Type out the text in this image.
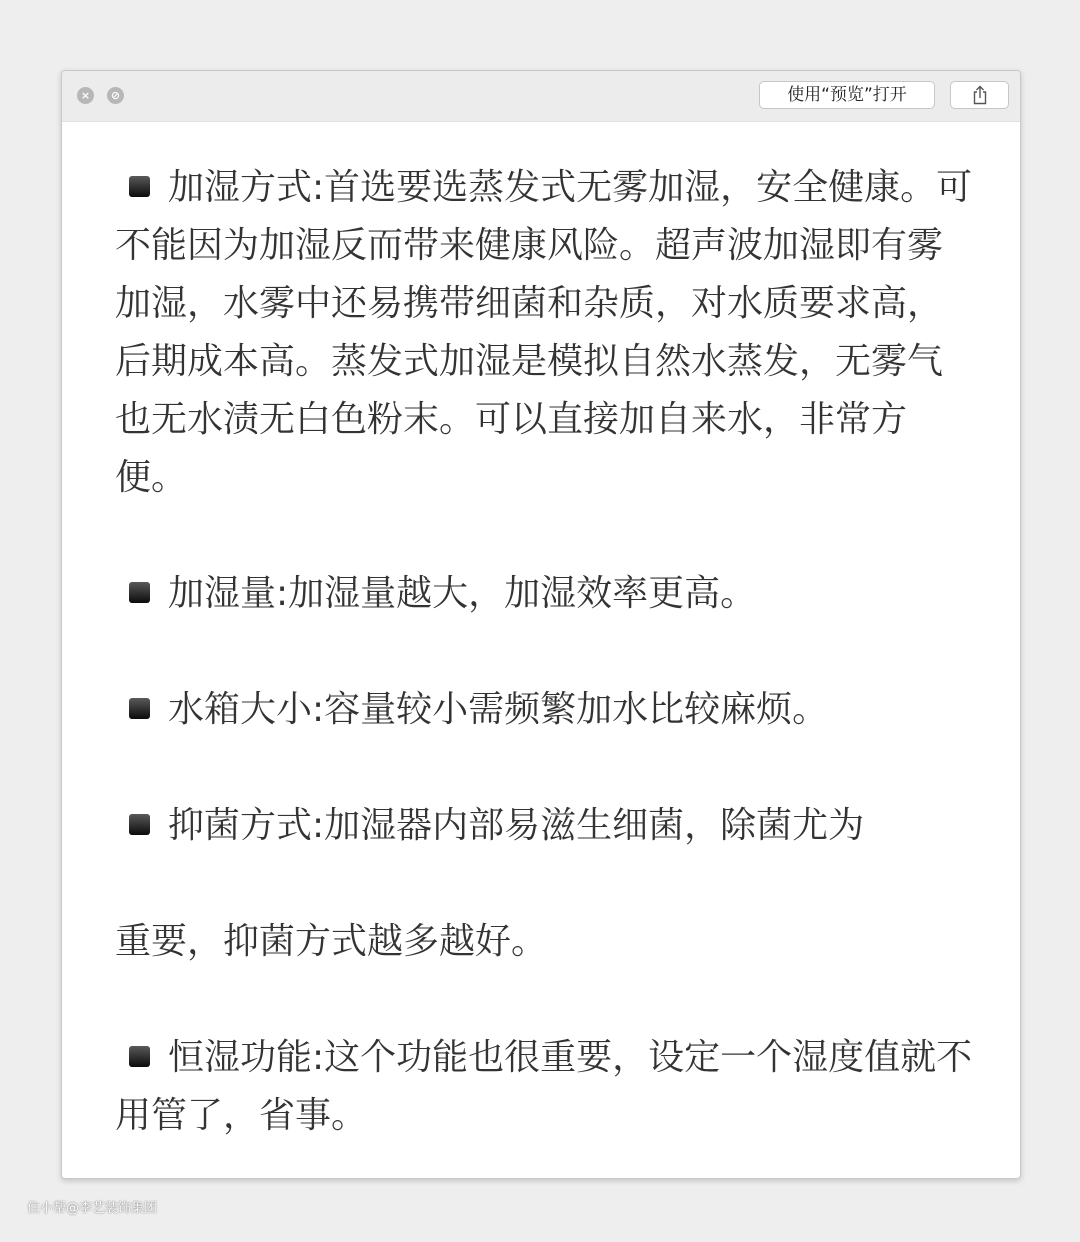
×	⊘	使用“预览”打开

加湿方式:首选要选蒸发式无雾加湿，安全健康。可不能因为加湿反而带来健康风险。超声波加湿即有雾加湿，水雾中还易携带细菌和杂质，对水质要求高，后期成本高。蒸发式加湿是模拟自然水蒸发，无雾气也无水渍无白色粉末。可以直接加自来水，非常方便。

加湿量:加湿量越大，加湿效率更高。

水箱大小:容量较小需频繁加水比较麻烦。

抑菌方式:加湿器内部易滋生细菌，除菌尤为

重要，抑菌方式越多越好。

恒湿功能:这个功能也很重要，设定一个湿度值就不用管了，省事。

住小帮@李艺装饰集团
